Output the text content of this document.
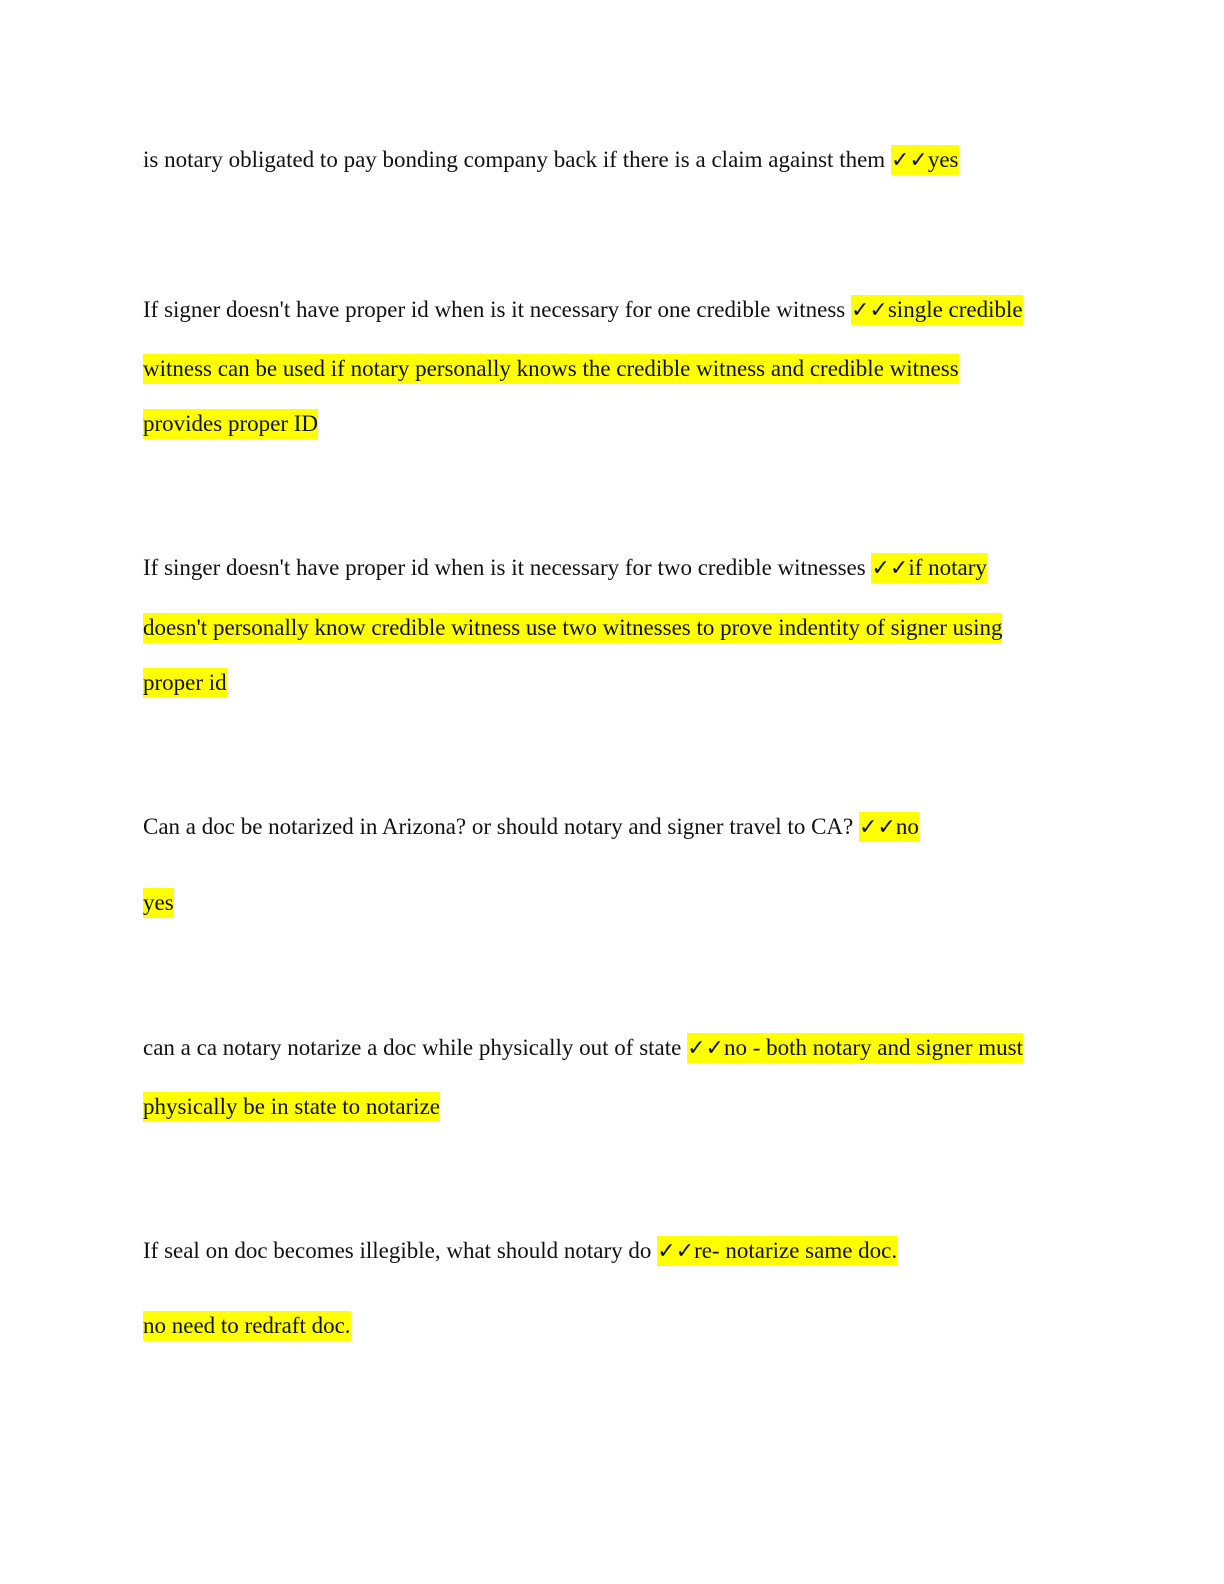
is notary obligated to pay bonding company back if there is a claim against them ✓✓yes
If signer doesn't have proper id when is it necessary for one credible witness ✓✓single credible
witness can be used if notary personally knows the credible witness and credible witness
provides proper ID
If singer doesn't have proper id when is it necessary for two credible witnesses ✓✓if notary
doesn't personally know credible witness use two witnesses to prove indentity of signer using
proper id
Can a doc be notarized in Arizona? or should notary and signer travel to CA? ✓✓no
yes
can a ca notary notarize a doc while physically out of state ✓✓no - both notary and signer must
physically be in state to notarize
If seal on doc becomes illegible, what should notary do ✓✓re- notarize same doc.
no need to redraft doc.
